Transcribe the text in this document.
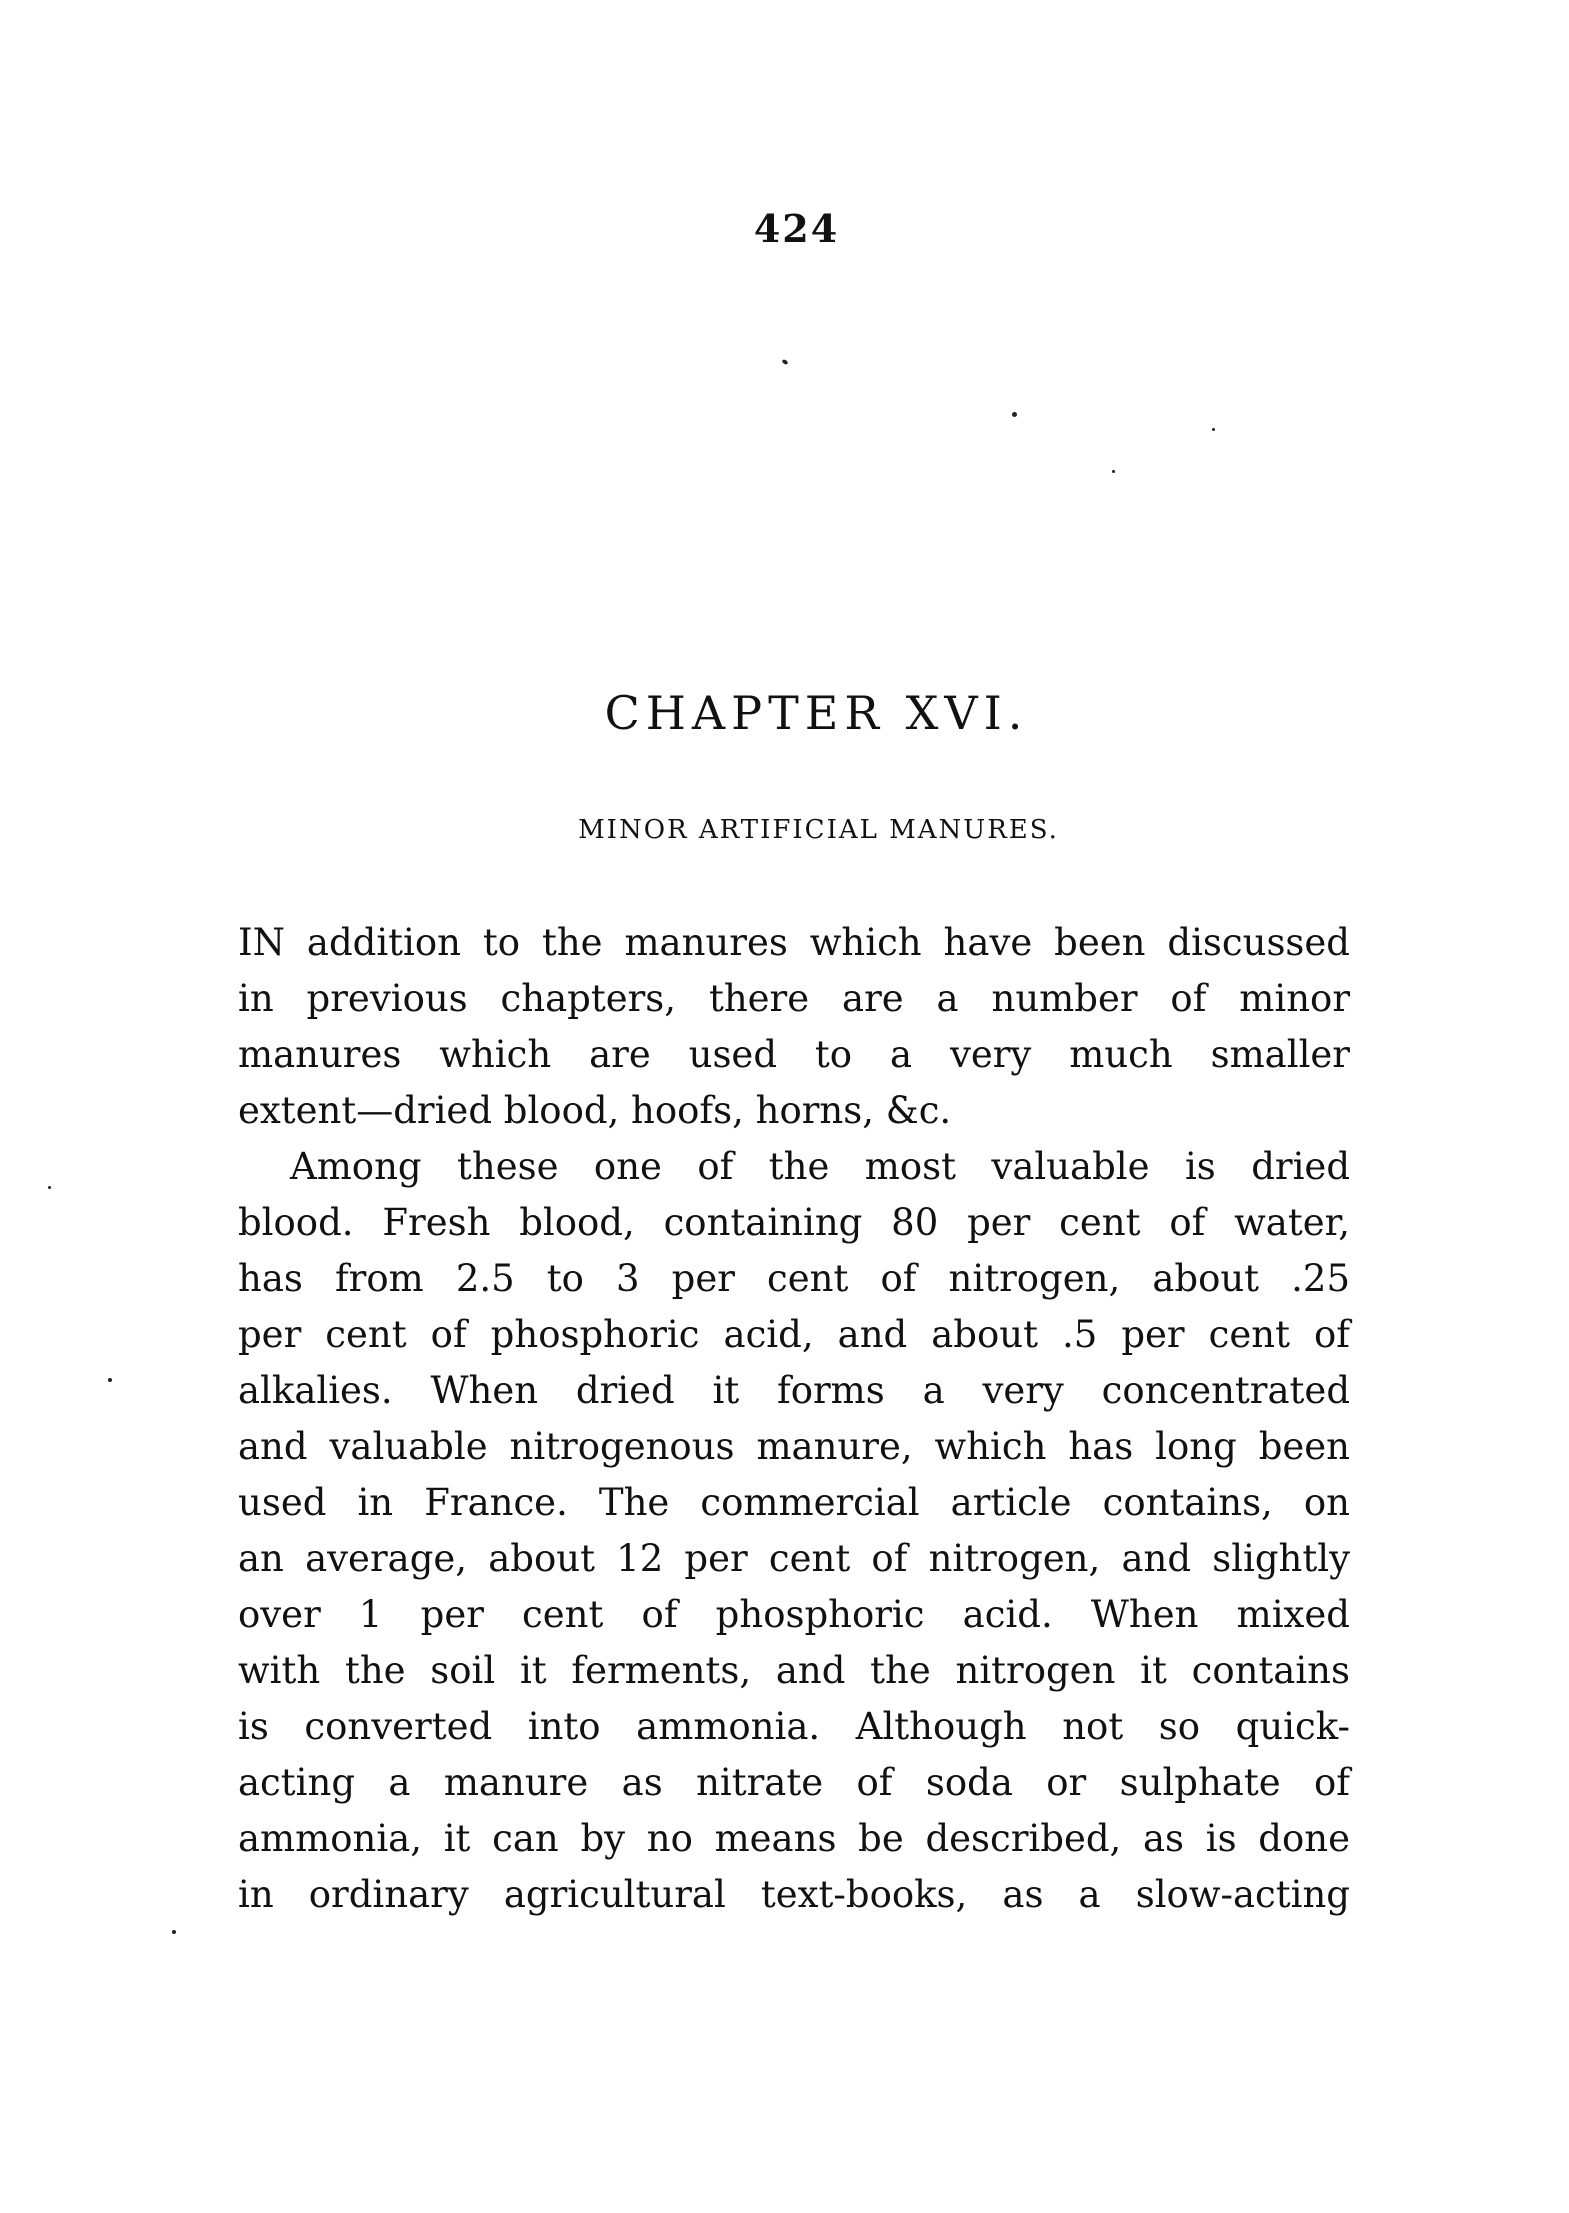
424
CHAPTER XVI.
MINOR ARTIFICIAL MANURES.
IN addition to the manures which have been discussed
in previous chapters, there are a number of minor
manures which are used to a very much smaller
extent—dried blood, hoofs, horns, &c.
Among these one of the most valuable is dried
blood. Fresh blood, containing 80 per cent of water,
has from 2.5 to 3 per cent of nitrogen, about .25
per cent of phosphoric acid, and about .5 per cent of
alkalies. When dried it forms a very concentrated
and valuable nitrogenous manure, which has long been
used in France. The commercial article contains, on
an average, about 12 per cent of nitrogen, and slightly
over 1 per cent of phosphoric acid. When mixed
with the soil it ferments, and the nitrogen it contains
is converted into ammonia. Although not so quick-
acting a manure as nitrate of soda or sulphate of
ammonia, it can by no means be described, as is done
in ordinary agricultural text-books, as a slow-acting
